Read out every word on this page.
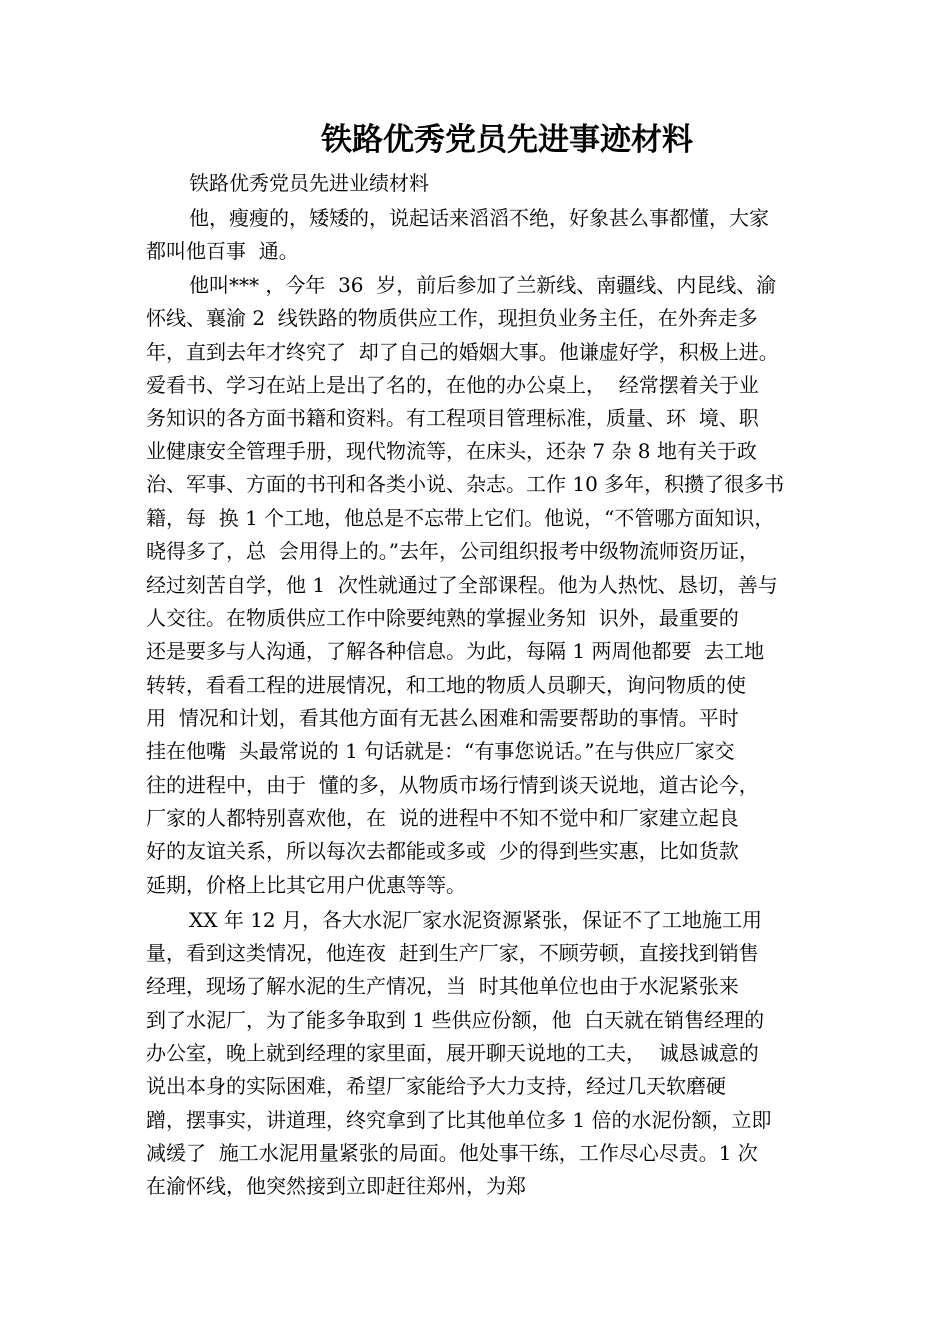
铁路优秀党员先进事迹材料
铁路优秀党员先进业绩材料
他，瘦瘦的，矮矮的，说起话来滔滔不绝，好象甚么事都懂，大家
都叫他百事  通。
他叫*** ，今年  36  岁，前后参加了兰新线、南疆线、内昆线、渝
怀线、襄渝 2  线铁路的物质供应工作，现担负业务主任，在外奔走多
年，直到去年才终究了  却了自己的婚姻大事。他谦虚好学，积极上进。
爱看书、学习在站上是出了名的，在他的办公桌上，  经常摆着关于业
务知识的各方面书籍和资料。有工程项目管理标准，质量、环  境、职
业健康安全管理手册，现代物流等，在床头，还杂 7 杂 8 地有关于政
治、军事、方面的书刊和各类小说、杂志。工作 10 多年，积攒了很多书
籍，每  换 1 个工地，他总是不忘带上它们。他说，“不管哪方面知识，
晓得多了，总  会用得上的。”去年，公司组织报考中级物流师资历证，
经过刻苦自学，他 1  次性就通过了全部课程。他为人热忱、恳切，善与
人交往。在物质供应工作中除要纯熟的掌握业务知  识外，最重要的
还是要多与人沟通，了解各种信息。为此，每隔 1 两周他都要  去工地
转转，看看工程的进展情况，和工地的物质人员聊天，询问物质的使
用  情况和计划，看其他方面有无甚么困难和需要帮助的事情。平时
挂在他嘴  头最常说的 1 句话就是：“有事您说话。”在与供应厂家交
往的进程中，由于  懂的多，从物质市场行情到谈天说地，道古论今，
厂家的人都特别喜欢他，在  说的进程中不知不觉中和厂家建立起良
好的友谊关系，所以每次去都能或多或  少的得到些实惠，比如货款
延期，价格上比其它用户优惠等等。
XX 年 12 月，各大水泥厂家水泥资源紧张，保证不了工地施工用
量，看到这类情况，他连夜  赶到生产厂家，不顾劳顿，直接找到销售
经理，现场了解水泥的生产情况，当  时其他单位也由于水泥紧张来
到了水泥厂，为了能多争取到 1 些供应份额，他  白天就在销售经理的
办公室，晚上就到经理的家里面，展开聊天说地的工夫，  诚恳诚意的
说出本身的实际困难，希望厂家能给予大力支持，经过几天软磨硬
蹭，摆事实，讲道理，终究拿到了比其他单位多 1 倍的水泥份额，立即
减缓了  施工水泥用量紧张的局面。他处事干练，工作尽心尽责。1 次
在渝怀线，他突然接到立即赶往郑州，为郑
